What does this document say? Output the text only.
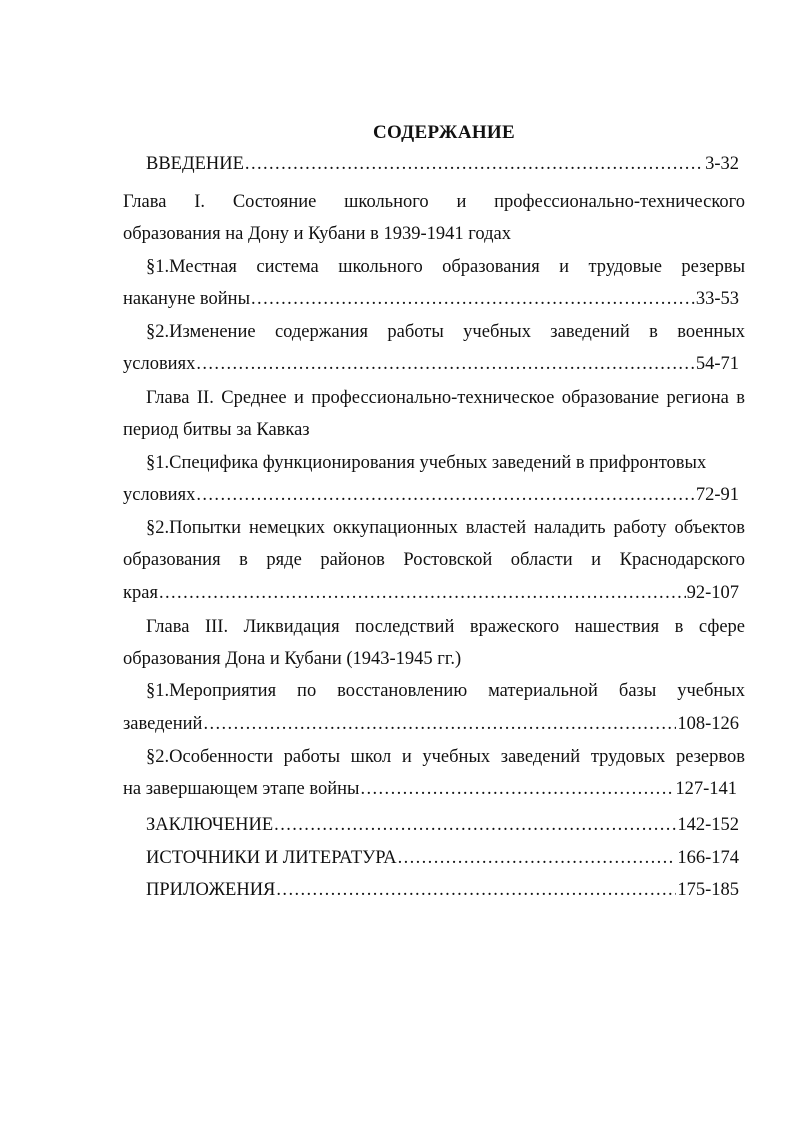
СОДЕРЖАНИЕ
ВВЕДЕНИЕ .....	3-32
Глава I. Состояние школьного и профессионально-технического
образования на Дону и Кубани в 1939-1941 годах
§1.Местная система школьного образования и трудовые резервы
накануне войны .....	33-53
§2.Изменение содержания работы учебных заведений в военных
условиях .....	54-71
Глава II. Среднее и профессионально-техническое образование региона в
период битвы за Кавказ
§1.Специфика функционирования учебных заведений в прифронтовых
условиях .....	72-91
§2.Попытки немецких оккупационных властей наладить работу объектов
образования в ряде районов Ростовской области и Краснодарского
края .....	92-107
Глава III. Ликвидация последствий вражеского нашествия в сфере
образования Дона и Кубани (1943-1945 гг.)
§1.Мероприятия по восстановлению материальной базы учебных
заведений .....	108-126
§2.Особенности работы школ и учебных заведений трудовых резервов
на завершающем этапе войны .....	127-141
ЗАКЛЮЧЕНИЕ .....	142-152
ИСТОЧНИКИ И ЛИТЕРАТУРА .....	166-174
ПРИЛОЖЕНИЯ .....	175-185
